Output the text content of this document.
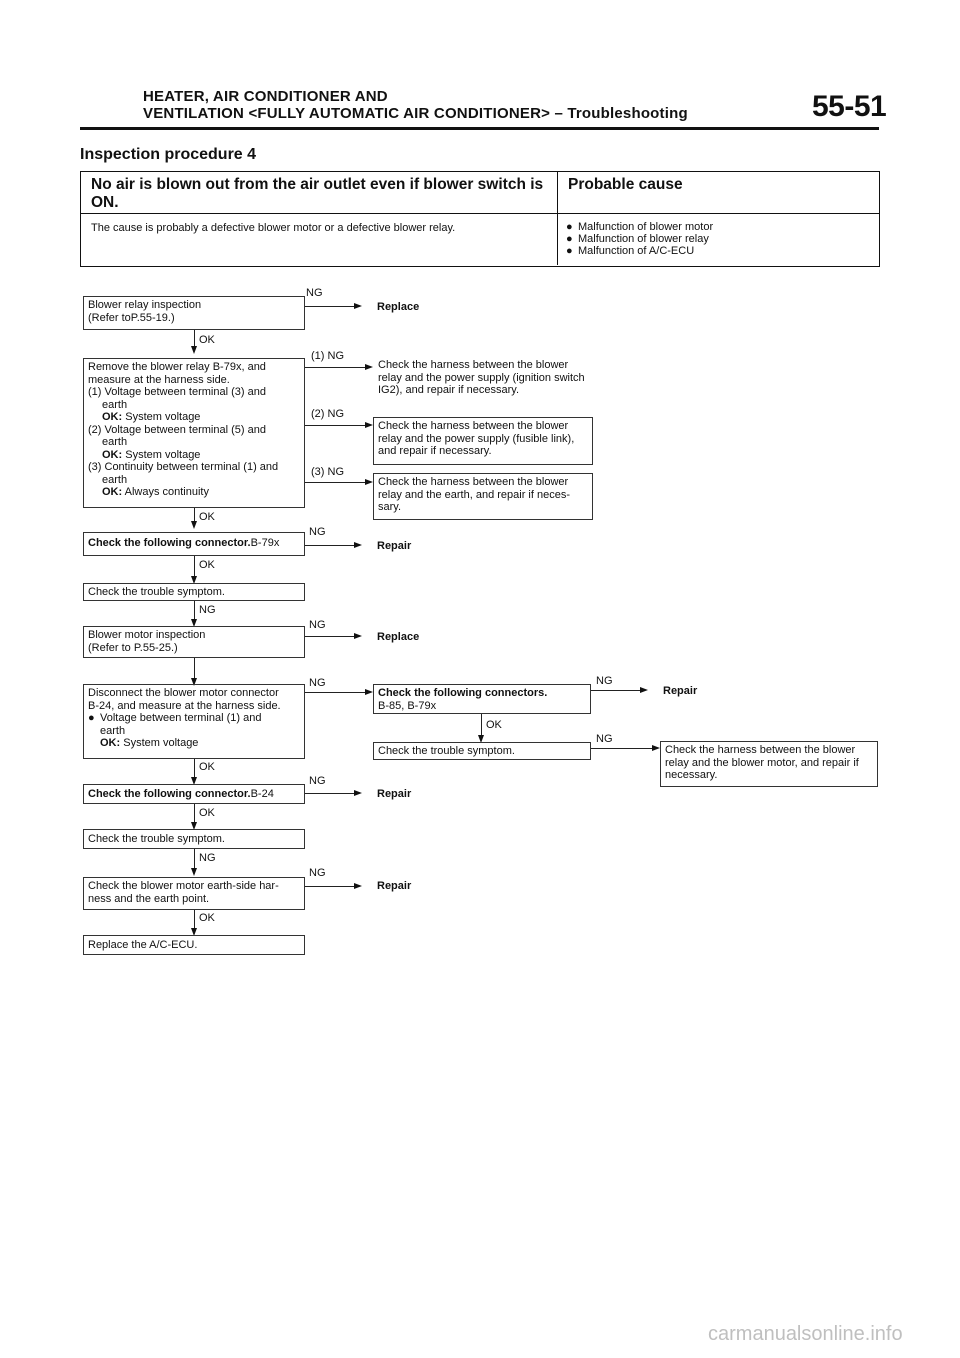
HEATER, AIR CONDITIONER AND
VENTILATION <FULLY AUTOMATIC AIR CONDITIONER> – Troubleshooting	55-51
Inspection procedure 4
No air is blown out from the air outlet even if blower switch is ON.
Probable cause
The cause is probably a defective blower motor or a defective blower relay.	● Malfunction of blower motor
● Malfunction of blower relay
● Malfunction of A/C-ECU
Blower relay inspection
(Refer toP.55-19.)
NG
Replace
OK
Remove the blower relay B-79x, and
measure at the harness side.
(1) Voltage between terminal (3) and
earth
OK: System voltage
(2) Voltage between terminal (5) and
earth
OK: System voltage
(3) Continuity between terminal (1) and
earth
OK: Always continuity
(1) NG
Check the harness between the blower relay and the power supply (ignition switch IG2), and repair if necessary.
(2) NG
Check the harness between the blower relay and the power supply (fusible link), and repair if necessary.
(3) NG
Check the harness between the blower relay and the earth, and repair if neces-sary.
OK
Check the following connector.B-79x
NG
Repair
OK
Check the trouble symptom.
NG
Blower motor inspection
(Refer to P.55-25.)
NG
Replace
Disconnect the blower motor connector
B-24, and measure at the harness side.
● Voltage between terminal (1) and
earth
OK: System voltage
NG
Check the following connectors.
B-85, B-79x
NG
Repair
OK
Check the trouble symptom.
NG
Check the harness between the blower relay and the blower motor, and repair if necessary.
OK
Check the following connector.B-24
NG
Repair
OK
Check the trouble symptom.
NG
Check the blower motor earth-side har-ness and the earth point.
NG
Repair
OK
Replace the A/C-ECU.
carmanualsonline.info
